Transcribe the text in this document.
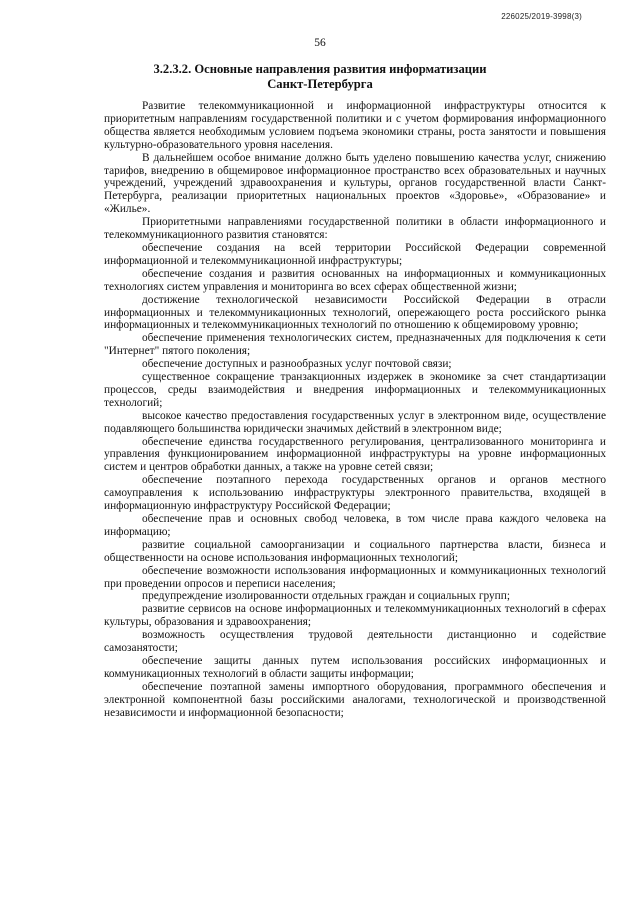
226025/2019-3998(3)
56
3.2.3.2. Основные направления развития информатизации
Санкт-Петербурга

Развитие телекоммуникационной и информационной инфраструктуры относится к приоритетным направлениям государственной политики и с учетом формирования информационного общества является необходимым условием подъема экономики страны, роста занятости и повышения культурно-образовательного уровня населения.

В дальнейшем особое внимание должно быть уделено повышению качества услуг, снижению тарифов, внедрению в общемировое информационное пространство всех образовательных и научных учреждений, учреждений здравоохранения и культуры, органов государственной власти Санкт-Петербурга, реализации приоритетных национальных проектов «Здоровье», «Образование» и «Жилье».

Приоритетными направлениями государственной политики в области информационного и телекоммуникационного развития становятся:

обеспечение создания на всей территории Российской Федерации современной информационной и телекоммуникационной инфраструктуры;

обеспечение создания и развития основанных на информационных и коммуникационных технологиях систем управления и мониторинга во всех сферах общественной жизни;

достижение технологической независимости Российской Федерации в отрасли информационных и телекоммуникационных технологий, опережающего роста российского рынка информационных и телекоммуникационных технологий по отношению к общемировому уровню;

обеспечение применения технологических систем, предназначенных для подключения к сети "Интернет" пятого поколения;

обеспечение доступных и разнообразных услуг почтовой связи;

существенное сокращение транзакционных издержек в экономике за счет стандартизации процессов, среды взаимодействия и внедрения информационных и телекоммуникационных технологий;

высокое качество предоставления государственных услуг в электронном виде, осуществление подавляющего большинства юридически значимых действий в электронном виде;

обеспечение единства государственного регулирования, централизованного мониторинга и управления функционированием информационной инфраструктуры на уровне информационных систем и центров обработки данных, а также на уровне сетей связи;

обеспечение поэтапного перехода государственных органов и органов местного самоуправления к использованию инфраструктуры электронного правительства, входящей в информационную инфраструктуру Российской Федерации;

обеспечение прав и основных свобод человека, в том числе права каждого человека на информацию;

развитие социальной самоорганизации и социального партнерства власти, бизнеса и общественности на основе использования информационных технологий;

обеспечение возможности использования информационных и коммуникационных технологий при проведении опросов и переписи населения;

предупреждение изолированности отдельных граждан и социальных групп;

развитие сервисов на основе информационных и телекоммуникационных технологий в сферах культуры, образования и здравоохранения;

возможность осуществления трудовой деятельности дистанционно и содействие самозанятости;

обеспечение защиты данных путем использования российских информационных и коммуникационных технологий в области защиты информации;

обеспечение поэтапной замены импортного оборудования, программного обеспечения и электронной компонентной базы российскими аналогами, технологической и производственной независимости и информационной безопасности;
